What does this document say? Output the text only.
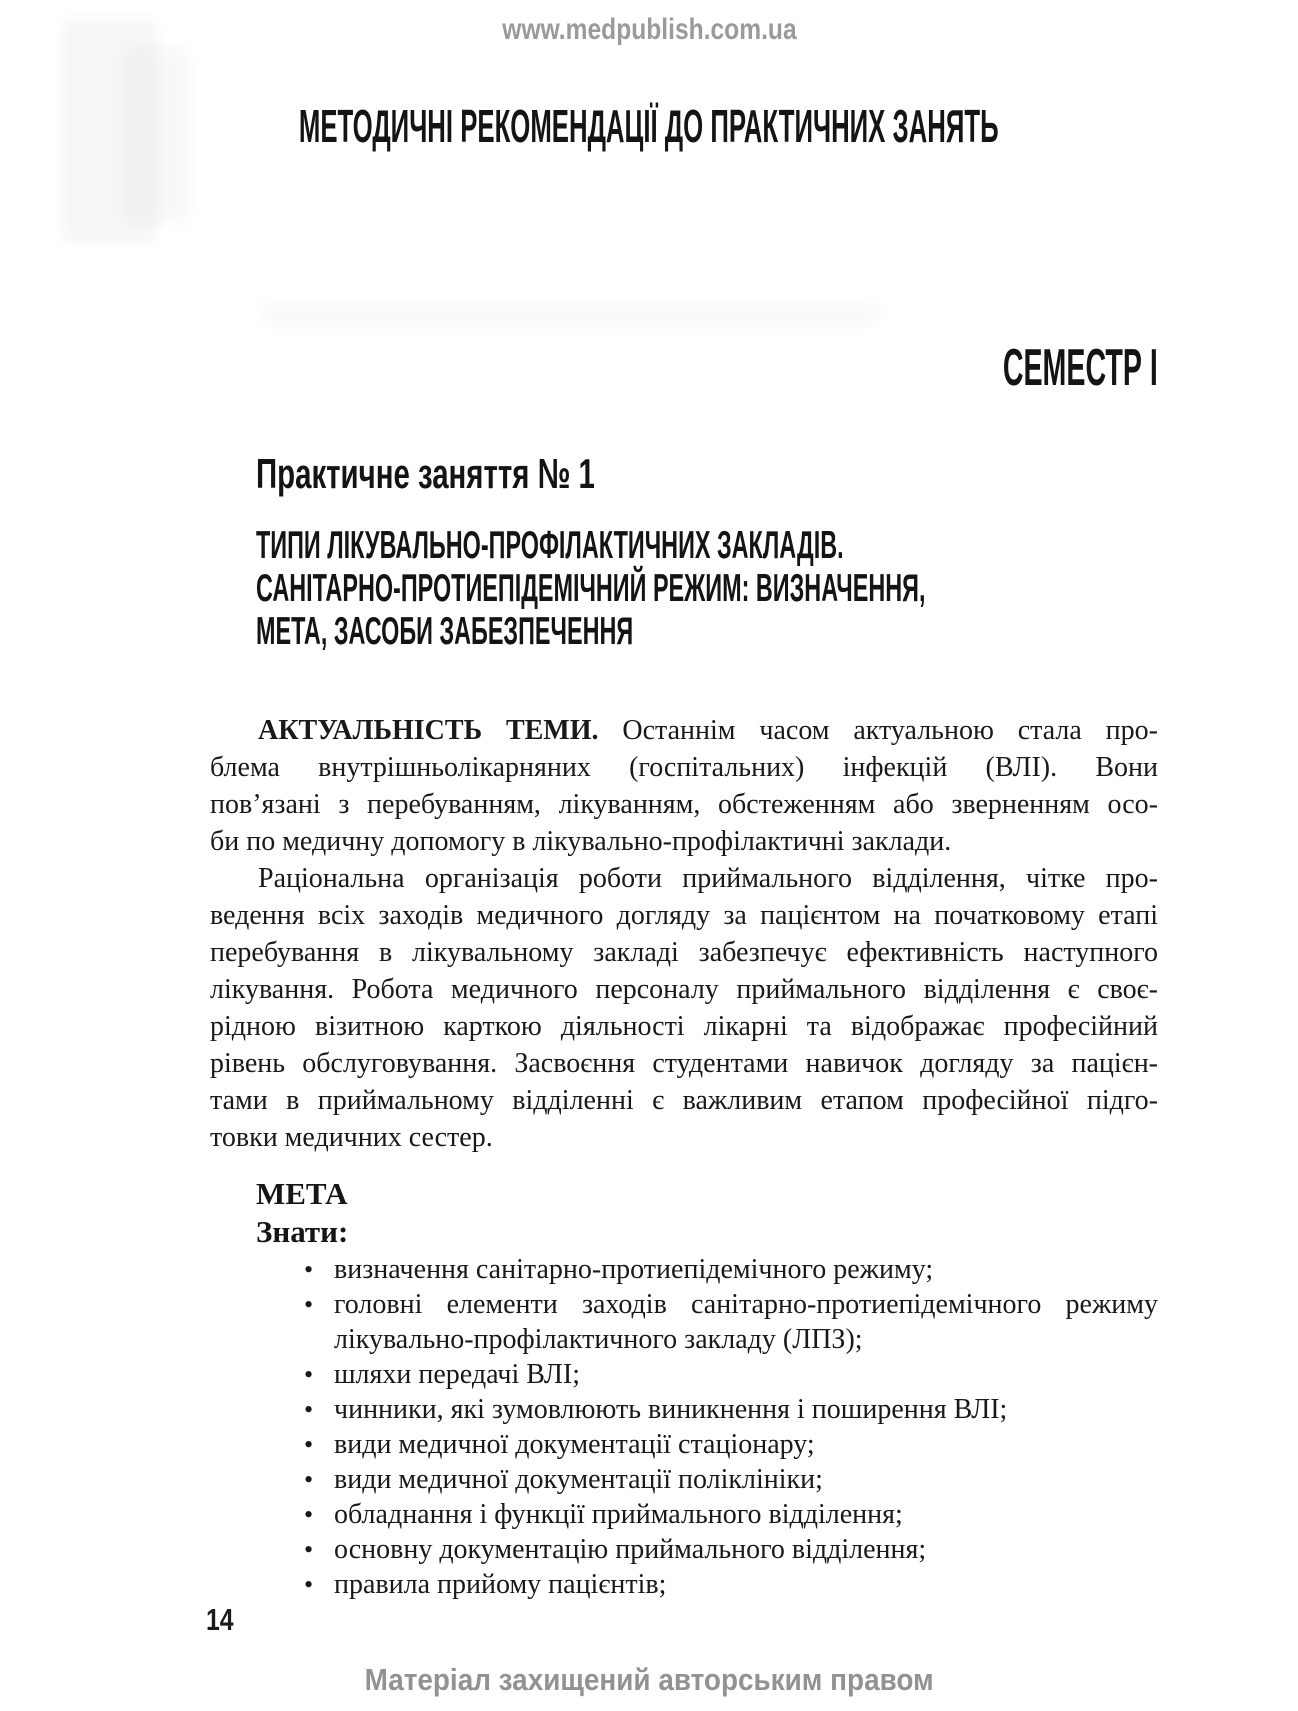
www.medpublish.com.ua
МЕТОДИЧНІ РЕКОМЕНДАЦІЇ ДО ПРАКТИЧНИХ ЗАНЯТЬ
СЕМЕСТР І
Практичне заняття № 1
ТИПИ ЛІКУВАЛЬНО-ПРОФІЛАКТИЧНИХ ЗАКЛАДІВ.
САНІТАРНО-ПРОТИЕПІДЕМІЧНИЙ РЕЖИМ: ВИЗНАЧЕННЯ,
МЕТА, ЗАСОБИ ЗАБЕЗПЕЧЕННЯ
АКТУАЛЬНІСТЬ ТЕМИ. Останнім часом актуальною стала про-
блема внутрішньолікарняних (госпітальних) інфекцій (ВЛІ). Вони
пов’язані з перебуванням, лікуванням, обстеженням або зверненням осо-
би по медичну допомогу в лікувально-профілактичні заклади.
Раціональна організація роботи приймального відділення, чітке про-
ведення всіх заходів медичного догляду за пацієнтом на початковому етапі
перебування в лікувальному закладі забезпечує ефективність наступного
лікування. Робота медичного персоналу приймального відділення є своє-
рідною візитною карткою діяльності лікарні та відображає професійний
рівень обслуговування. Засвоєння студентами навичок догляду за пацієн-
тами в приймальному відділенні є важливим етапом професійної підго-
товки медичних сестер.
МЕТА
Знати:
• визначення санітарно-протиепідемічного режиму;
• головні елементи заходів санітарно-протиепідемічного режиму лікувально-профілактичного закладу (ЛПЗ);
• шляхи передачі ВЛІ;
• чинники, які зумовлюють виникнення і поширення ВЛІ;
• види медичної документації стаціонару;
• види медичної документації поліклініки;
• обладнання і функції приймального відділення;
• основну документацію приймального відділення;
• правила прийому пацієнтів;
14
Матеріал захищений авторським правом
